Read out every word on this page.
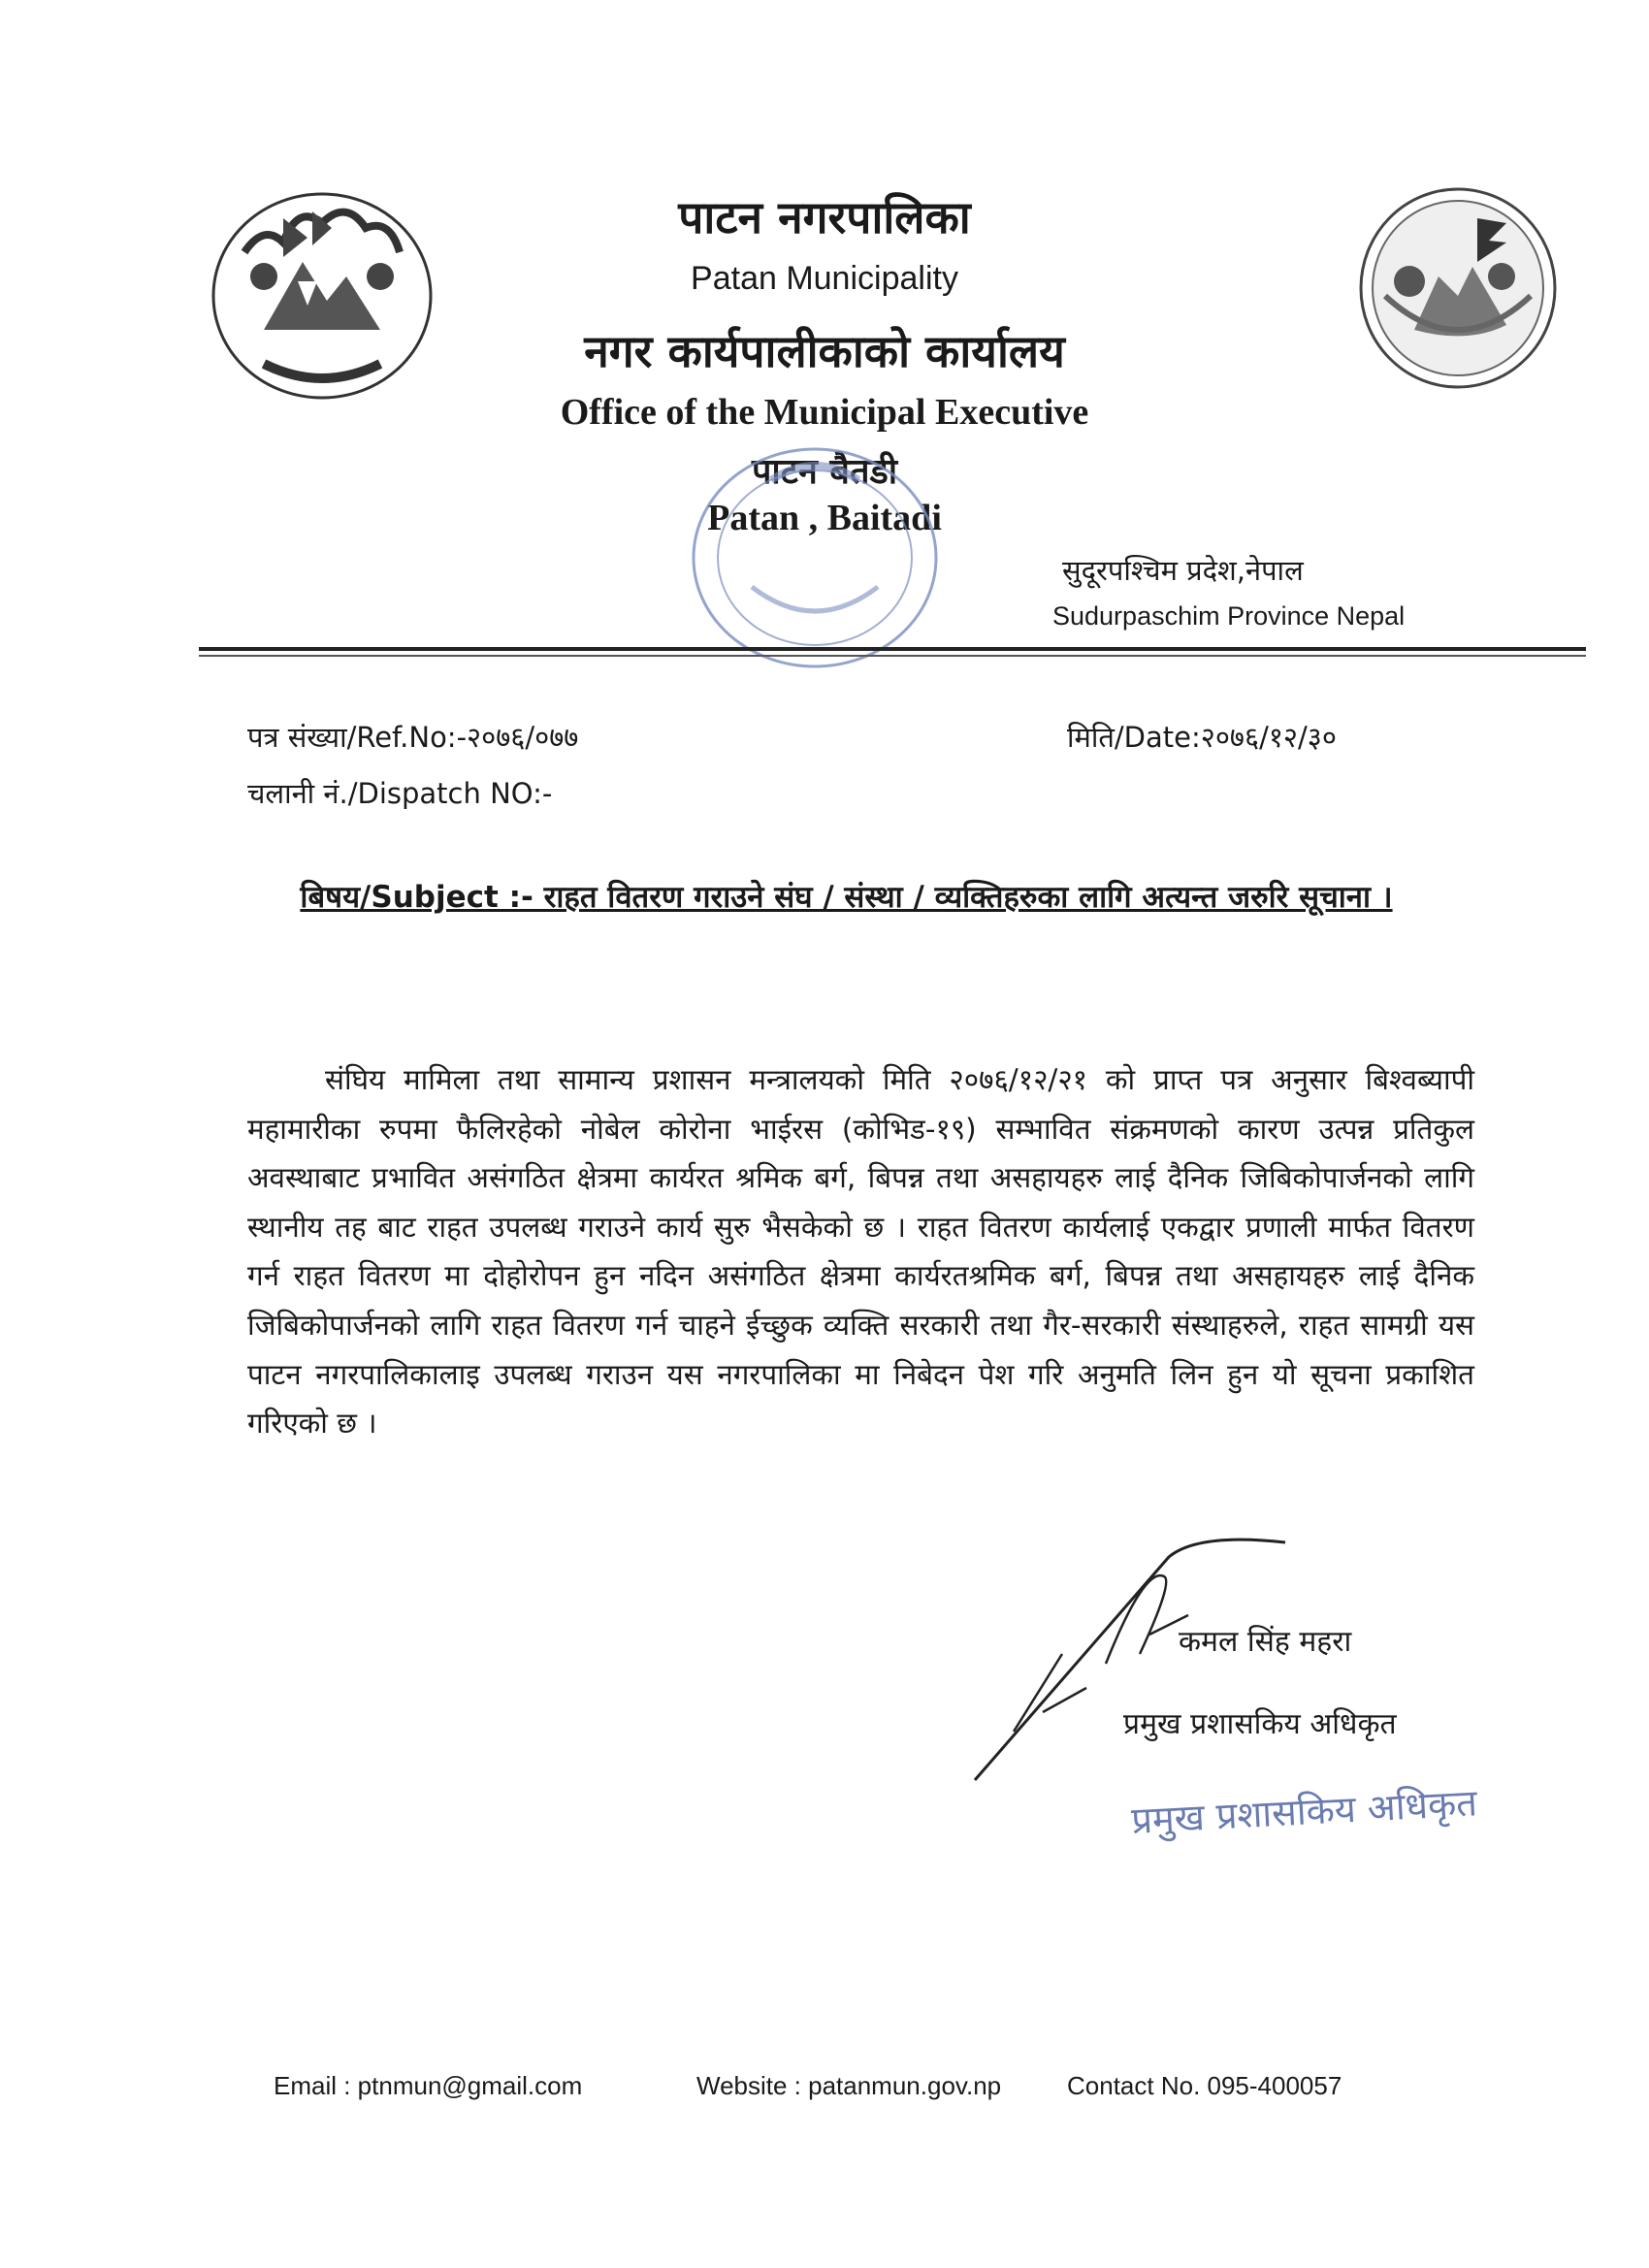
पाटन नगरपालिका
Patan Municipality
नगर कार्यपालीकाको कार्यालय
Office of the Municipal Executive
पाटन बैतडी
Patan , Baitadi
सुदूरपश्चिम प्रदेश,नेपाल
Sudurpaschim Province Nepal
पत्र संख्या/Ref.No:-२०७६/०७७	मिति/Date:२०७६/१२/३०
चलानी नं./Dispatch NO:-
बिषय/Subject :- राहत वितरण गराउने संघ / संस्था / व्यक्तिहरुका लागि अत्यन्त जरुरि सूचाना ।
संघिय मामिला तथा सामान्य प्रशासन मन्त्रालयको मिति २०७६/१२/२१ को प्राप्त पत्र अनुसार बिश्वब्यापी महामारीका रुपमा फैलिरहेको नोबेल कोरोना भाईरस (कोभिड-१९) सम्भावित संक्रमणको कारण उत्पन्न प्रतिकुल अवस्थाबाट प्रभावित असंगठित क्षेत्रमा कार्यरत श्रमिक बर्ग, बिपन्न तथा असहायहरु लाई दैनिक जिबिकोपार्जनको लागि स्थानीय तह बाट राहत उपलब्ध गराउने कार्य सुरु भैसकेको छ । राहत वितरण कार्यलाई एकद्वार प्रणाली मार्फत वितरण गर्न राहत वितरण मा दोहोरोपन हुन नदिन असंगठित क्षेत्रमा कार्यरतश्रमिक बर्ग, बिपन्न तथा असहायहरु लाई दैनिक जिबिकोपार्जनको लागि राहत वितरण गर्न चाहने ईच्छुक व्यक्ति सरकारी तथा गैर-सरकारी संस्थाहरुले, राहत सामग्री यस पाटन नगरपालिकालाइ उपलब्ध गराउन यस नगरपालिका मा निबेदन पेश गरि अनुमति लिन हुन यो सूचना प्रकाशित गरिएको छ ।
कमल सिंह महरा
प्रमुख प्रशासकिय अधिकृत
प्रमुख प्रशासकिय अधिकृत
Email : ptnmun@gmail.com	Website : patanmun.gov.np	Contact No. 095-400057
